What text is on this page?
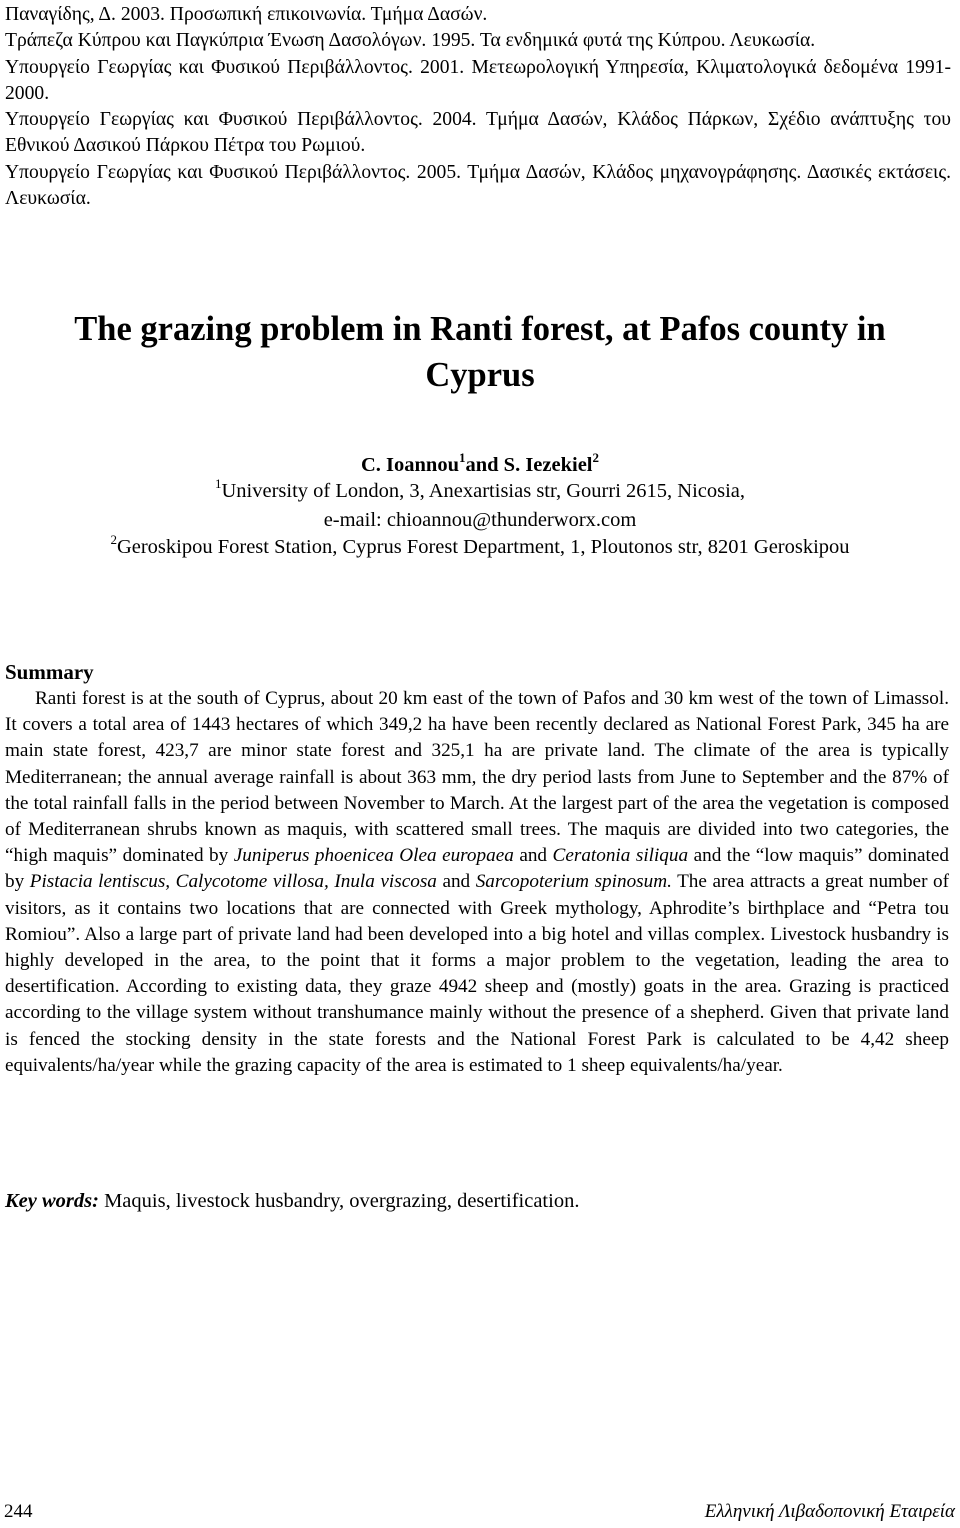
Παναγίδης, Δ. 2003. Προσωπική επικοινωνία. Τμήμα Δασών.

Τράπεζα Κύπρου και Παγκύπρια Ένωση Δασολόγων. 1995. Τα ενδημικά φυτά της Κύπρου. Λευκωσία.

Υπουργείο Γεωργίας και Φυσικού Περιβάλλοντος. 2001. Μετεωρολογική Υπηρεσία, Κλιματολογικά δεδομένα 1991-2000.

Υπουργείο Γεωργίας και Φυσικού Περιβάλλοντος. 2004. Τμήμα Δασών, Κλάδος Πάρκων, Σχέδιο ανάπτυξης του Εθνικού Δασικού Πάρκου Πέτρα του Ρωμιού.

Υπουργείο Γεωργίας και Φυσικού Περιβάλλοντος. 2005. Τμήμα Δασών, Κλάδος μηχανογράφησης. Δασικές εκτάσεις. Λευκωσία.

The grazing problem in Ranti forest, at Pafos county in Cyprus
C. Ioannou$^1$and S. Iezekiel$^2$
$^1$University of London, 3, Anexartisias str, Gourri 2615, Nicosia,
e-mail: chioannou@thunderworx.com
$^2$Geroskipou Forest Station, Cyprus Forest Department, 1, Ploutonos str, 8201 Geroskipou
Summary

Ranti forest is at the south of Cyprus, about 20 km east of the town of Pafos and 30 km west of the town of Limassol. It covers a total area of 1443 hectares of which 349,2 ha have been recently declared as National Forest Park, 345 ha are main state forest, 423,7 are minor state forest and 325,1 ha are private land. The climate of the area is typically Mediterranean; the annual average rainfall is about 363 mm, the dry period lasts from June to September and the 87% of the total rainfall falls in the period between November to March. At the largest part of the area the vegetation is composed of Mediterranean shrubs known as maquis, with scattered small trees. The maquis are divided into two categories, the “high maquis” dominated by Juniperus phoenicea Olea europaea and Ceratonia siliqua and the “low maquis” dominated by Pistacia lentiscus, Calycotome villosa, Inula viscosa and Sarcopoterium spinosum. The area attracts a great number of visitors, as it contains two locations that are connected with Greek mythology, Aphrodite’s birthplace and “Petra tou Romiou”. Also a large part of private land had been developed into a big hotel and villas complex. Livestock husbandry is highly developed in the area, to the point that it forms a major problem to the vegetation, leading the area to desertification. According to existing data, they graze 4942 sheep and (mostly) goats in the area. Grazing is practiced according to the village system without transhumance mainly without the presence of a shepherd. Given that private land is fenced the stocking density in the state forests and the National Forest Park is calculated to be 4,42 sheep equivalents/ha/year while the grazing capacity of the area is estimated to 1 sheep equivalents/ha/year.

Key words: Maquis, livestock husbandry, overgrazing, desertification.
244	Ελληνική Λιβαδοπονική Εταιρεία
